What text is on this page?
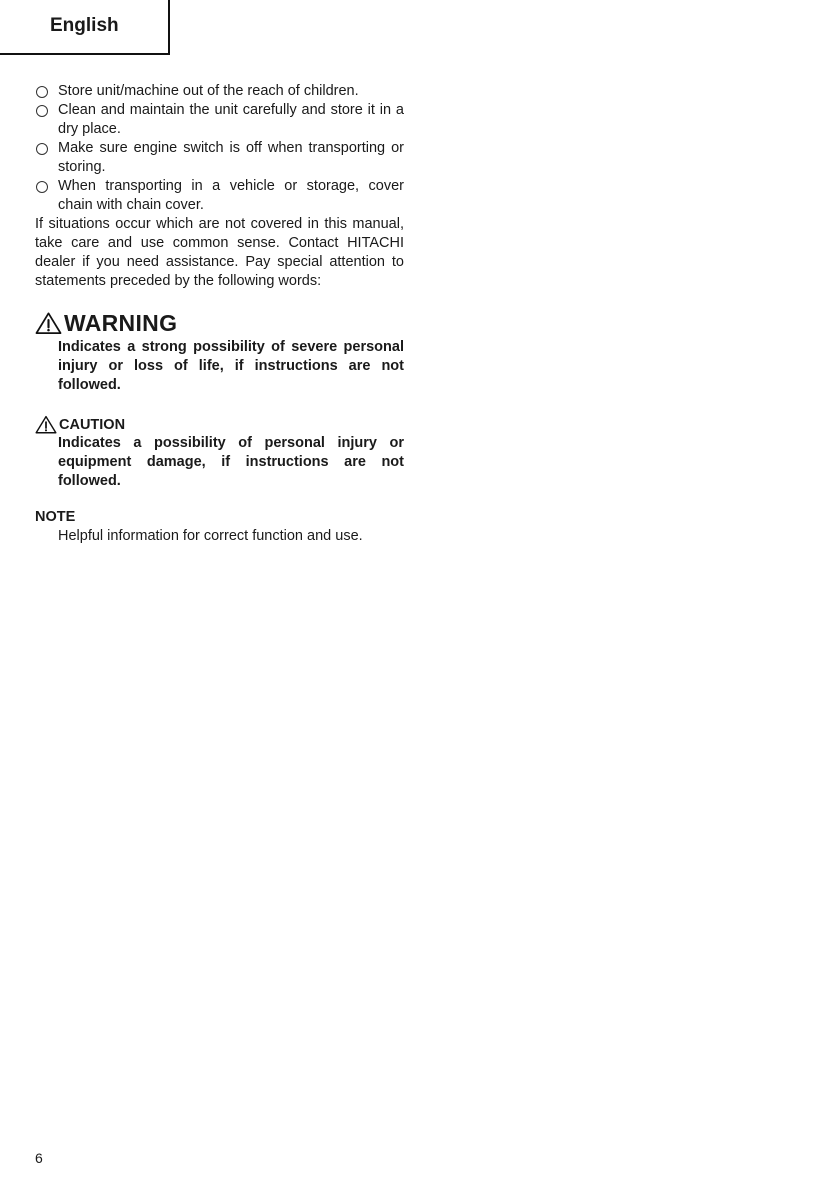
English
Store unit/machine out of the reach of children.
Clean and maintain the unit carefully and store it in a dry place.
Make sure engine switch is off when transporting or storing.
When transporting in a vehicle or storage, cover chain with chain cover.

If situations occur which are not covered in this manual, take care and use common sense. Contact HITACHI dealer if you need assistance. Pay special attention to statements preceded by the following words:

WARNING

Indicates a strong possibility of severe personal injury or loss of life, if instructions are not followed.

CAUTION

Indicates a possibility of personal injury or equipment damage, if instructions are not followed.

NOTE

Helpful information for correct function and use.

6
